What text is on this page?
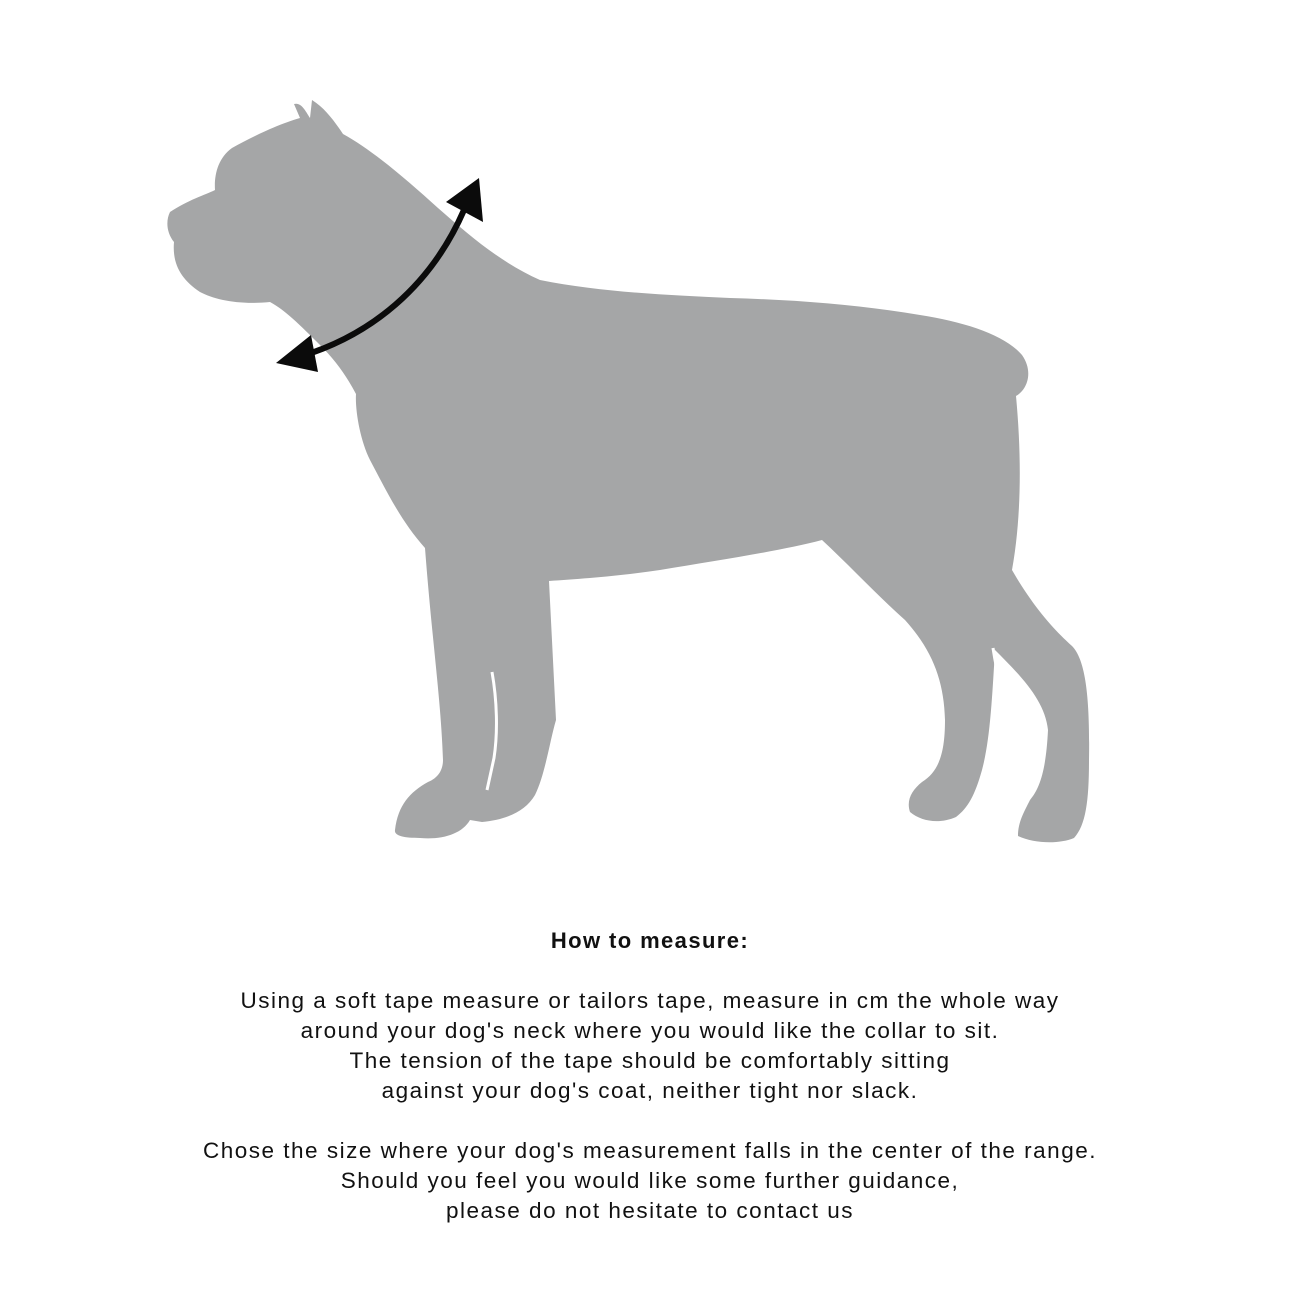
How to measure:
Using a soft tape measure or tailors tape, measure in cm the whole way
around your dog's neck where you would like the collar to sit.
The tension of the tape should be comfortably sitting
against your dog's coat, neither tight nor slack.
Chose the size where your dog's measurement falls in the center of the range.
Should you feel you would like some further guidance,
please do not hesitate to contact us
